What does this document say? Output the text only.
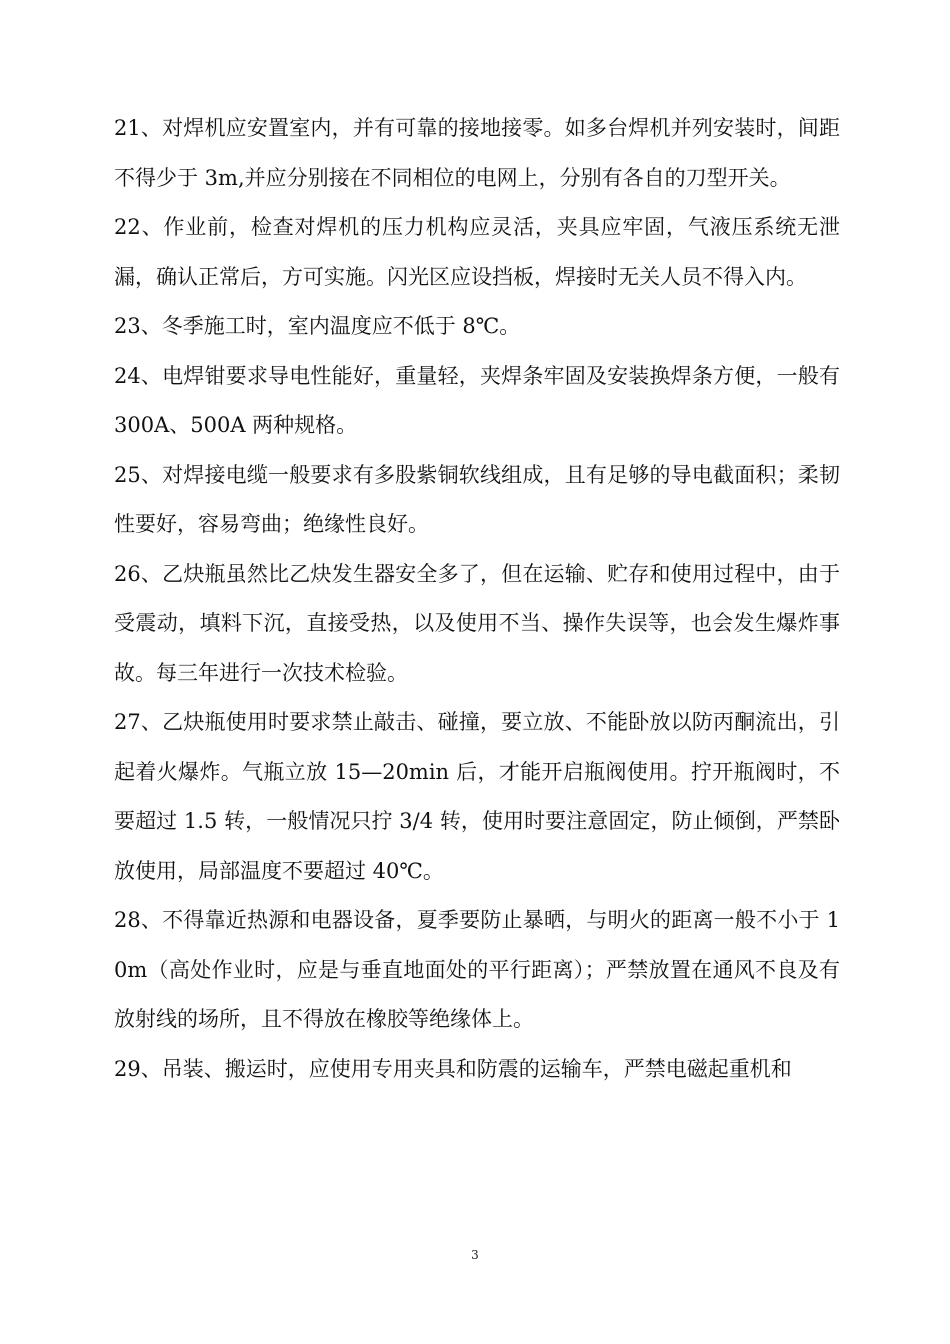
21、对焊机应安置室内，并有可靠的接地接零。如多台焊机并列安装时，间距不得少于 3m,并应分别接在不同相位的电网上，分别有各自的刀型开关。

22、作业前，检查对焊机的压力机构应灵活，夹具应牢固，气液压系统无泄漏，确认正常后，方可实施。闪光区应设挡板，焊接时无关人员不得入内。

23、冬季施工时，室内温度应不低于 8℃。

24、电焊钳要求导电性能好，重量轻，夹焊条牢固及安装换焊条方便，一般有 300A、500A 两种规格。

25、对焊接电缆一般要求有多股紫铜软线组成，且有足够的导电截面积；柔韧性要好，容易弯曲；绝缘性良好。

26、乙炔瓶虽然比乙炔发生器安全多了，但在运输、贮存和使用过程中，由于受震动，填料下沉，直接受热，以及使用不当、操作失误等，也会发生爆炸事故。每三年进行一次技术检验。

27、乙炔瓶使用时要求禁止敲击、碰撞，要立放、不能卧放以防丙酮流出，引起着火爆炸。气瓶立放 15—20min 后，才能开启瓶阀使用。拧开瓶阀时，不要超过 1.5 转，一般情况只拧 3/4 转，使用时要注意固定，防止倾倒，严禁卧放使用，局部温度不要超过 40℃。

28、不得靠近热源和电器设备，夏季要防止暴晒，与明火的距离一般不小于 10m（高处作业时，应是与垂直地面处的平行距离）；严禁放置在通风不良及有放射线的场所，且不得放在橡胶等绝缘体上。

29、吊装、搬运时，应使用专用夹具和防震的运输车，严禁电磁起重机和

3
